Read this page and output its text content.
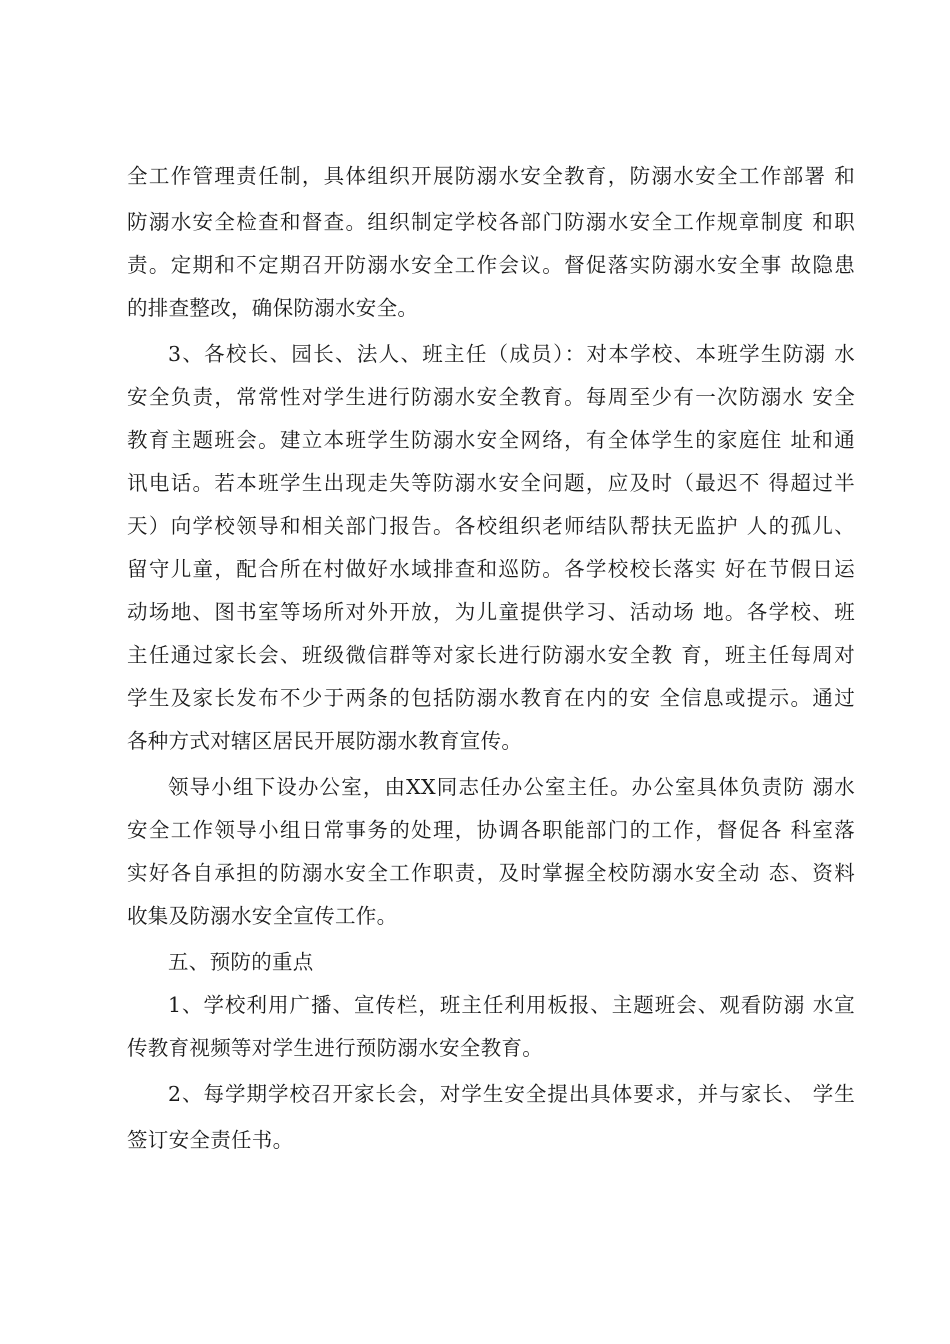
全工作管理责任制，具体组织开展防溺水安全教育，防溺水安全工作部署 和

防溺水安全检查和督查。组织制定学校各部门防溺水安全工作规章制度 和职

责。定期和不定期召开防溺水安全工作会议。督促落实防溺水安全事 故隐患

的排查整改，确保防溺水安全。

3、各校长、园长、法人、班主任（成员）：对本学校、本班学生防溺 水

安全负责，常常性对学生进行防溺水安全教育。每周至少有一次防溺水 安全

教育主题班会。建立本班学生防溺水安全网络，有全体学生的家庭住 址和通

讯电话。若本班学生出现走失等防溺水安全问题，应及时（最迟不 得超过半

天）向学校领导和相关部门报告。各校组织老师结队帮扶无监护 人的孤儿、

留守儿童，配合所在村做好水域排查和巡防。各学校校长落实 好在节假日运

动场地、图书室等场所对外开放，为儿童提供学习、活动场 地。各学校、班

主任通过家长会、班级微信群等对家长进行防溺水安全教 育，班主任每周对

学生及家长发布不少于两条的包括防溺水教育在内的安 全信息或提示。通过

各种方式对辖区居民开展防溺水教育宣传。

领导小组下设办公室，由XX同志任办公室主任。办公室具体负责防 溺水

安全工作领导小组日常事务的处理，协调各职能部门的工作，督促各 科室落

实好各自承担的防溺水安全工作职责，及时掌握全校防溺水安全动 态、资料

收集及防溺水安全宣传工作。

五、预防的重点

1、学校利用广播、宣传栏，班主任利用板报、主题班会、观看防溺 水宣

传教育视频等对学生进行预防溺水安全教育。

2、每学期学校召开家长会，对学生安全提出具体要求，并与家长、 学生

签订安全责任书。
